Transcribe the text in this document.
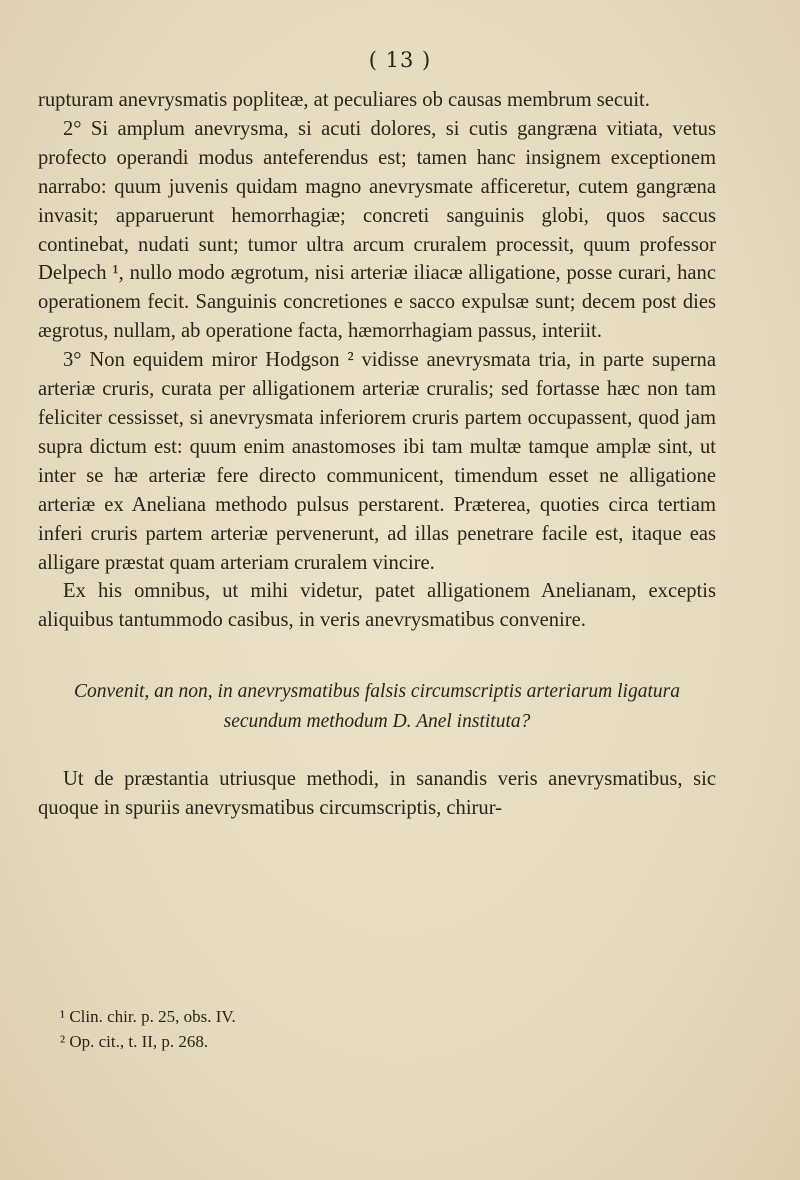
( 13 )

rupturam anevrysmatis popliteæ, at peculiares ob causas membrum secuit.

2° Si amplum anevrysma, si acuti dolores, si cutis gangræna vitiata, vetus profecto operandi modus anteferendus est; tamen hanc insignem exceptionem narrabo: quum juvenis quidam magno anevrysmate afficeretur, cutem gangræna invasit; apparuerunt hemorrhagiæ; concreti sanguinis globi, quos saccus continebat, nudati sunt; tumor ultra arcum cruralem processit, quum professor Delpech ¹, nullo modo ægrotum, nisi arteriæ iliacæ alligatione, posse curari, hanc operationem fecit. Sanguinis concretiones e sacco expulsæ sunt; decem post dies ægrotus, nullam, ab operatione facta, hæmorrhagiam passus, interiit.

3° Non equidem miror Hodgson ² vidisse anevrysmata tria, in parte superna arteriæ cruris, curata per alligationem arteriæ cruralis; sed fortasse hæc non tam feliciter cessisset, si anevrysmata inferiorem cruris partem occupassent, quod jam supra dictum est: quum enim anastomoses ibi tam multæ tamque amplæ sint, ut inter se hæ arteriæ fere directo communicent, timendum esset ne alligatione arteriæ ex Aneliana methodo pulsus perstarent. Præterea, quoties circa tertiam inferi cruris partem arteriæ pervenerunt, ad illas penetrare facile est, itaque eas alligare præstat quam arteriam cruralem vincire.

Ex his omnibus, ut mihi videtur, patet alligationem Anelianam, exceptis aliquibus tantummodo casibus, in veris anevrysmatibus convenire.

Convenit, an non, in anevrysmatibus falsis circumscriptis arteriarum ligatura secundum methodum D. Anel instituta?

Ut de præstantia utriusque methodi, in sanandis veris anevrysmatibus, sic quoque in spuriis anevrysmatibus circumscriptis, chirur-

¹ Clin. chir. p. 25, obs. IV.

² Op. cit., t. II, p. 268.
